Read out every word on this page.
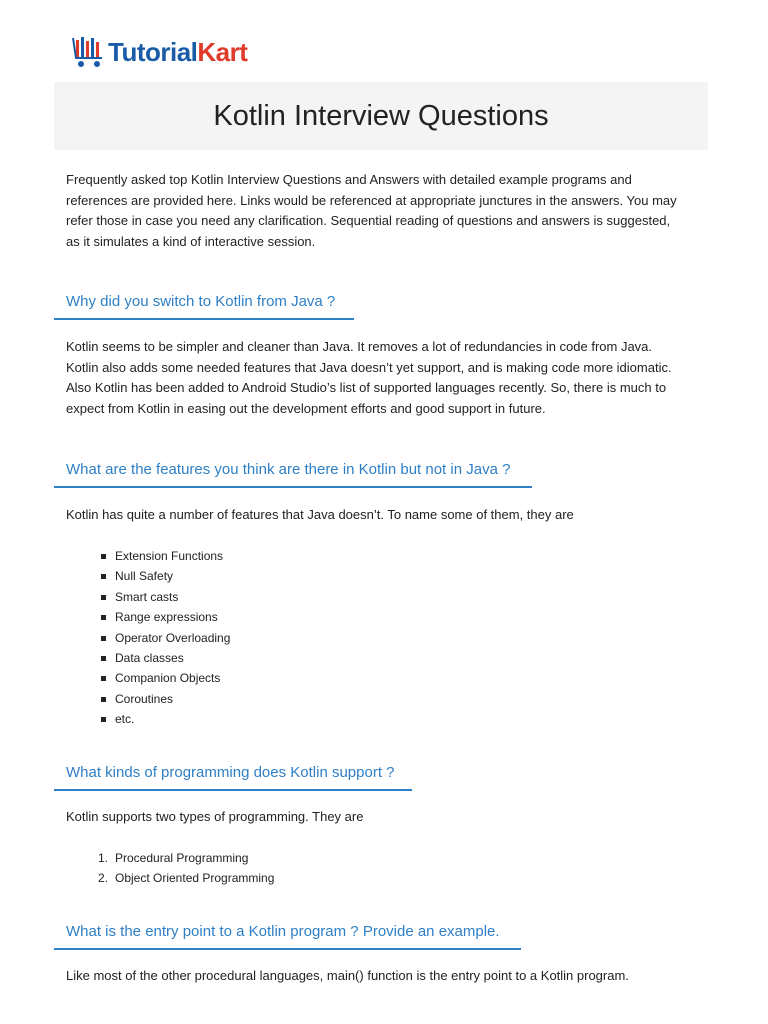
TutorialKart
Kotlin Interview Questions

Frequently asked top Kotlin Interview Questions and Answers with detailed example programs and references are provided here. Links would be referenced at appropriate junctures in the answers. You may refer those in case you need any clarification. Sequential reading of questions and answers is suggested, as it simulates a kind of interactive session.

Why did you switch to Kotlin from Java ?

Kotlin seems to be simpler and cleaner than Java. It removes a lot of redundancies in code from Java. Kotlin also adds some needed features that Java doesn’t yet support, and is making code more idiomatic. Also Kotlin has been added to Android Studio’s list of supported languages recently. So, there is much to expect from Kotlin in easing out the development efforts and good support in future.

What are the features you think are there in Kotlin but not in Java ?

Kotlin has quite a number of features that Java doesn’t. To name some of them, they are

Extension Functions
Null Safety
Smart casts
Range expressions
Operator Overloading
Data classes
Companion Objects
Coroutines
etc.
What kinds of programming does Kotlin support ?

Kotlin supports two types of programming. They are

1. Procedural Programming
2. Object Oriented Programming
What is the entry point to a Kotlin program ? Provide an example.

Like most of the other procedural languages, main() function is the entry point to a Kotlin program.
